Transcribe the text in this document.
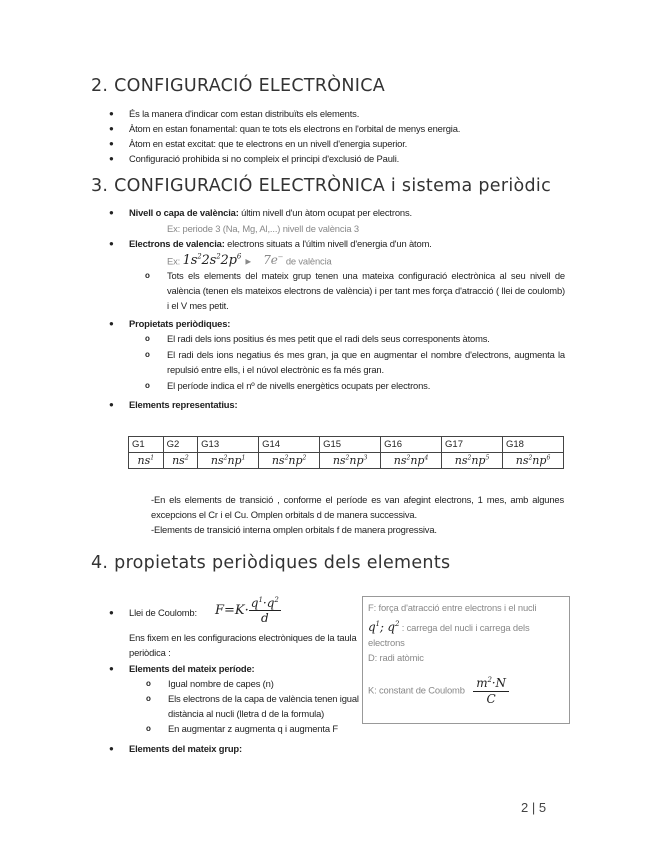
2. CONFIGURACIÓ ELECTRÒNICA
● És la manera d'indicar com estan distribuïts els elements.
● Àtom en estan fonamental: quan te tots els electrons en l'orbital de menys energia.
● Àtom en estat excitat: que te electrons en un nivell d'energia superior.
● Configuració prohibida si no compleix el principi d'exclusió de Pauli.
3. CONFIGURACIÓ ELECTRÒNICA i sistema periòdic
● Nivell o capa de valència: últim nivell d'un àtom ocupat per electrons.
Ex: periode 3 (Na, Mg, Al,...) nivell de valència 3
● Electrons de valencia: electrons situats a l'últim nivell d'energia d'un àtom.
Ex: $1s^22s^22p^6$ ► 7e− de valència
o Tots els elements del mateix grup tenen una mateixa configuració electrònica al seu nivell de valència (tenen els mateixos electrons de valència) i per tant mes força d'atracció ( llei de coulomb) i el V mes petit.
● Propietats periòdiques:
o El radi dels ions positius és mes petit que el radi dels seus corresponents àtoms.
o El radi dels ions negatius és mes gran, ja que en augmentar el nombre d'electrons, augmenta la repulsió entre ells, i el núvol electrònic es fa més gran.
o El període indica el nº de nivells energètics ocupats per electrons.
● Elements representatius:
G1	G2	G13	G14	G15	G16	G17	G18
$ns^1$	$ns^2$	$ns^2np^1$	$ns^2np^2$	$ns^2np^3$	$ns^2np^4$	$ns^2np^5$	$ns^2np^6$
-En els elements de transició , conforme el període es van afegint electrons, 1 mes, amb algunes excepcions el Cr i el Cu. Omplen orbitals d de manera successiva.
-Elements de transició interna omplen orbitals f de manera progressiva.
4. propietats periòdiques dels elements
● Llei de Coulomb:	$F=K\cdot \frac{q^1\cdot q^2}{d}$
Ens fixem en les configuracions electròniques de la taula periòdica :
● Elements del mateix període:
o Igual nombre de capes (n)
o Els electrons de la capa de valència tenen igual distància al nucli (lletra d de la formula)
o En augmentar z augmenta q i augmenta F
● Elements del mateix grup:
F: força d'atracció entre electrons i el nucli
$q^1$; $q^2$ : carrega del nucli i carrega dels electrons
D: radi atòmic
K: constant de Coulomb $\frac{m^2\cdot N}{C}$
2 | 5
